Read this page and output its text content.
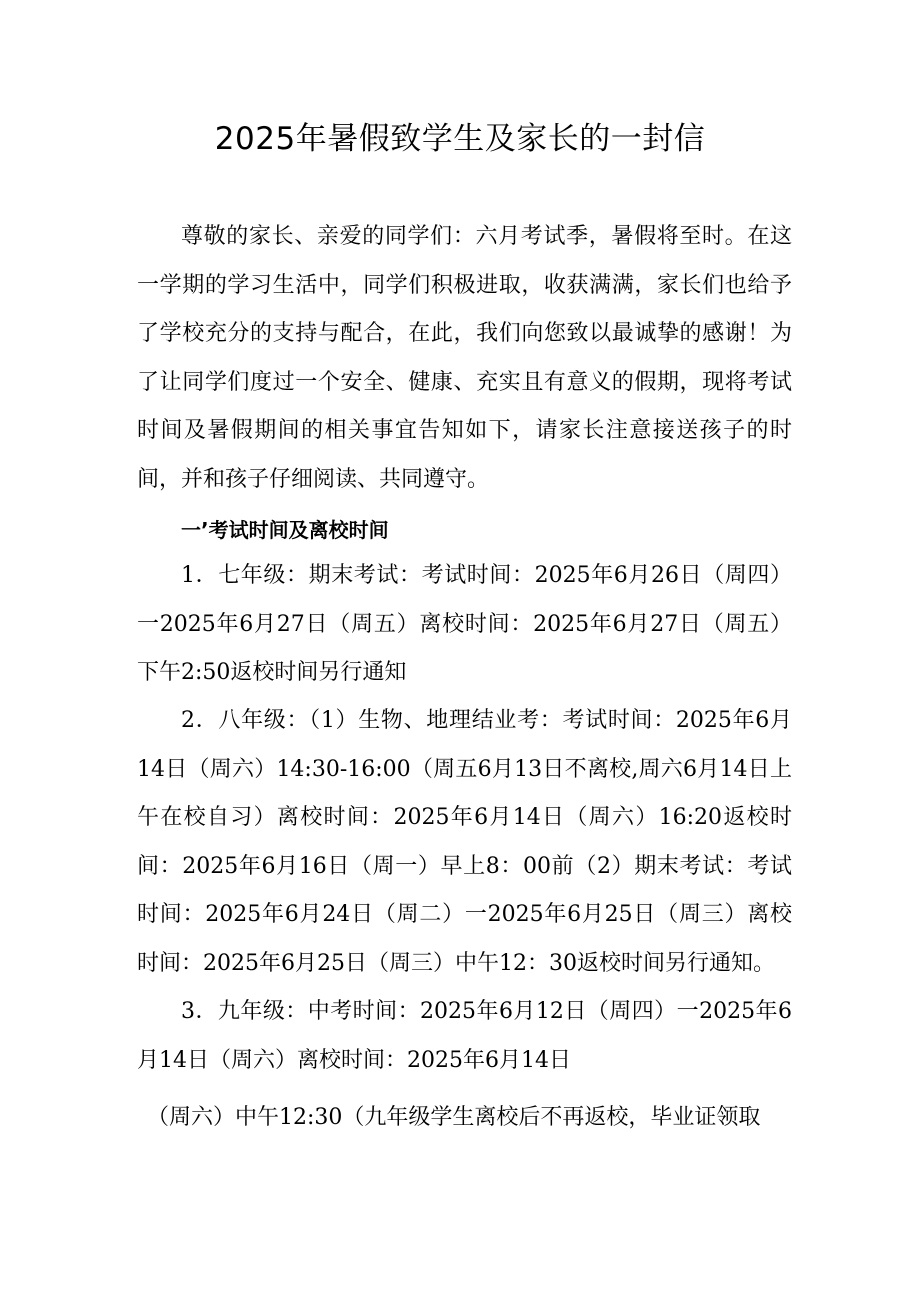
2025年暑假致学生及家长的一封信

尊敬的家长、亲爱的同学们：六月考试季，暑假将至时。在这一学期的学习生活中，同学们积极进取，收获满满，家长们也给予了学校充分的支持与配合，在此，我们向您致以最诚挚的感谢！为了让同学们度过一个安全、健康、充实且有意义的假期，现将考试时间及暑假期间的相关事宜告知如下，请家长注意接送孩子的时间，并和孩子仔细阅读、共同遵守。

一’考试时间及离校时间

1．七年级：期末考试：考试时间：2025年6月26日（周四）一2025年6月27日（周五）离校时间：2025年6月27日（周五）下午2:50返校时间另行通知

2．八年级：（1）生物、地理结业考：考试时间：2025年6月14日（周六）14:30-16:00（周五6月13日不离校,周六6月14日上午在校自习）离校时间：2025年6月14日（周六）16:20返校时间：2025年6月16日（周一）早上8：00前（2）期末考试：考试时间：2025年6月24日（周二）一2025年6月25日（周三）离校时间：2025年6月25日（周三）中午12：30返校时间另行通知。

3．九年级：中考时间：2025年6月12日（周四）一2025年6月14日（周六）离校时间：2025年6月14日

（周六）中午12:30（九年级学生离校后不再返校，毕业证领取
